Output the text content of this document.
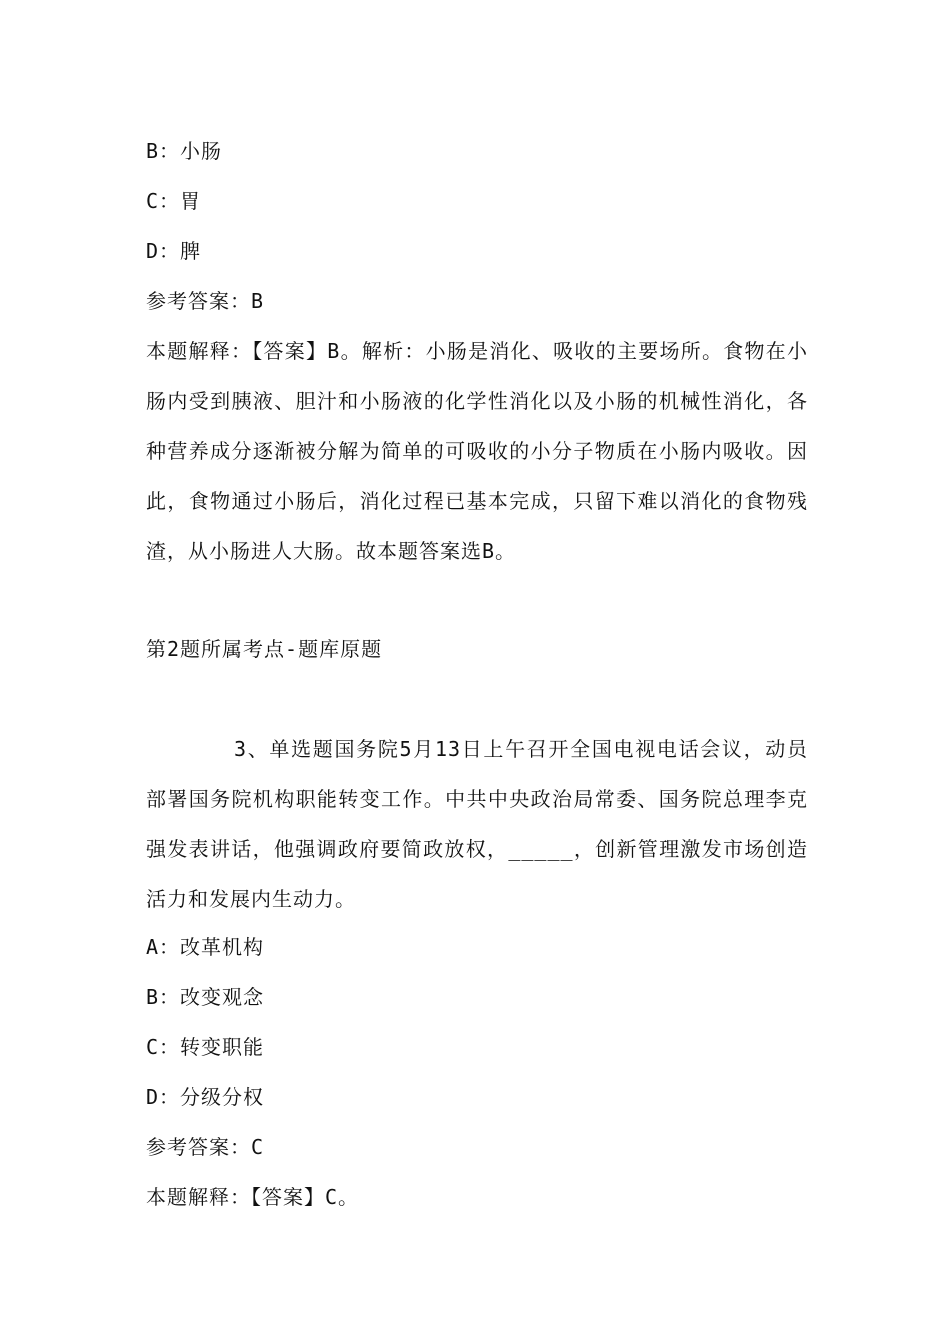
B：小肠
C：胃
D：脾
参考答案：B
本题解释：【答案】B。解析：小肠是消化、吸收的主要场所。食物在小肠内受到胰液、胆汁和小肠液的化学性消化以及小肠的机械性消化，各种营养成分逐渐被分解为简单的可吸收的小分子物质在小肠内吸收。因此，食物通过小肠后，消化过程已基本完成，只留下难以消化的食物残渣，从小肠进人大肠。故本题答案选B。
第2题所属考点-题库原题
3、单选题国务院5月13日上午召开全国电视电话会议，动员部署国务院机构职能转变工作。中共中央政治局常委、国务院总理李克强发表讲话，他强调政府要简政放权，_____，创新管理激发市场创造活力和发展内生动力。
A：改革机构
B：改变观念
C：转变职能
D：分级分权
参考答案：C
本题解释：【答案】C。
